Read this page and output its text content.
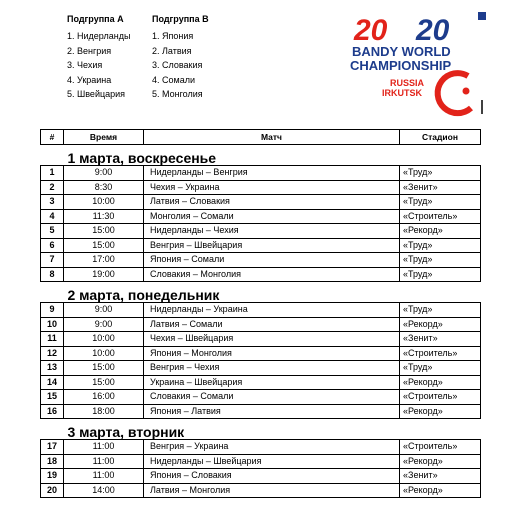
Подгруппа А
1. Нидерланды
2. Венгрия
3. Чехия
4. Украина
5. Швейцария
Подгруппа В
1. Япония
2. Латвия
3. Словакия
4. Сомали
5. Монголия
20 20
BANDY WORLD
CHAMPIONSHIP
RUSSIA
IRKUTSK
#	Время	Матч	Стадион
1 марта, воскресенье			
1	9:00	Нидерланды – Венгрия	«Труд»
2	8:30	Чехия – Украина	«Зенит»
3	10:00	Латвия – Словакия	«Труд»
4	11:30	Монголия – Сомали	«Строитель»
5	15:00	Нидерланды – Чехия	«Рекорд»
6	15:00	Венгрия – Швейцария	«Труд»
7	17:00	Япония – Сомали	«Труд»
8	19:00	Словакия – Монголия	«Труд»
2 марта, понедельник			
9	9:00	Нидерланды – Украина	«Труд»
10	9:00	Латвия – Сомали	«Рекорд»
11	10:00	Чехия – Швейцария	«Зенит»
12	10:00	Япония – Монголия	«Строитель»
13	15:00	Венгрия – Чехия	«Труд»
14	15:00	Украина – Швейцария	«Рекорд»
15	16:00	Словакия – Сомали	«Строитель»
16	18:00	Япония – Латвия	«Рекорд»
3 марта, вторник			
17	11:00	Венгрия – Украина	«Строитель»
18	11:00	Нидерланды – Швейцария	«Рекорд»
19	11:00	Япония – Словакия	«Зенит»
20	14:00	Латвия – Монголия	«Рекорд»
